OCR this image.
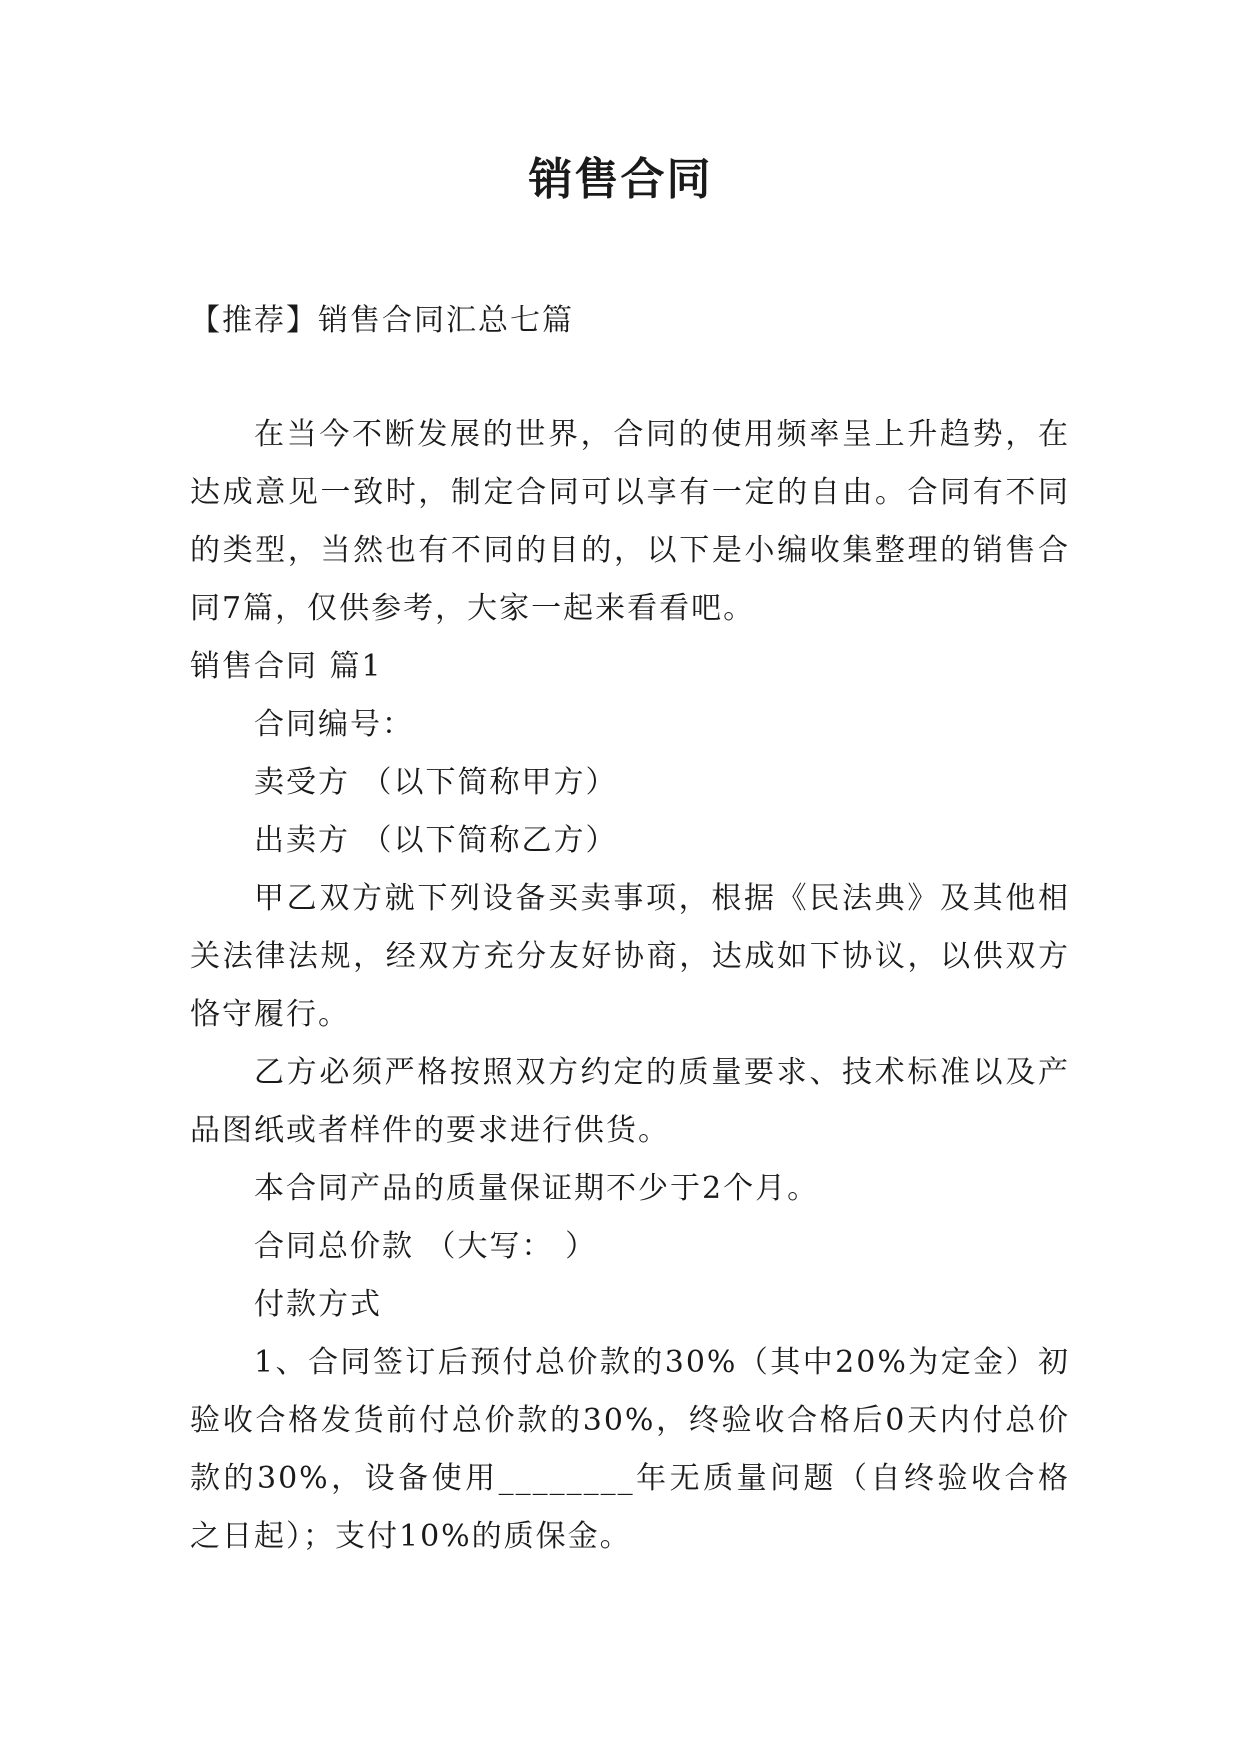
销售合同

【推荐】销售合同汇总七篇

在当今不断发展的世界，合同的使用频率呈上升趋势，在达成意见一致时，制定合同可以享有一定的自由。合同有不同的类型，当然也有不同的目的，以下是小编收集整理的销售合同7篇，仅供参考，大家一起来看看吧。

销售合同 篇1

合同编号：

卖受方 （以下简称甲方）

出卖方 （以下简称乙方）

甲乙双方就下列设备买卖事项，根据《民法典》及其他相关法律法规，经双方充分友好协商，达成如下协议，以供双方恪守履行。

乙方必须严格按照双方约定的质量要求、技术标准以及产品图纸或者样件的要求进行供货。

本合同产品的质量保证期不少于2个月。

合同总价款 （大写： ）

付款方式

1、合同签订后预付总价款的30%（其中20%为定金）初验收合格发货前付总价款的30%，终验收合格后0天内付总价款的30%，设备使用________年无质量问题（自终验收合格之日起）；支付10%的质保金。
